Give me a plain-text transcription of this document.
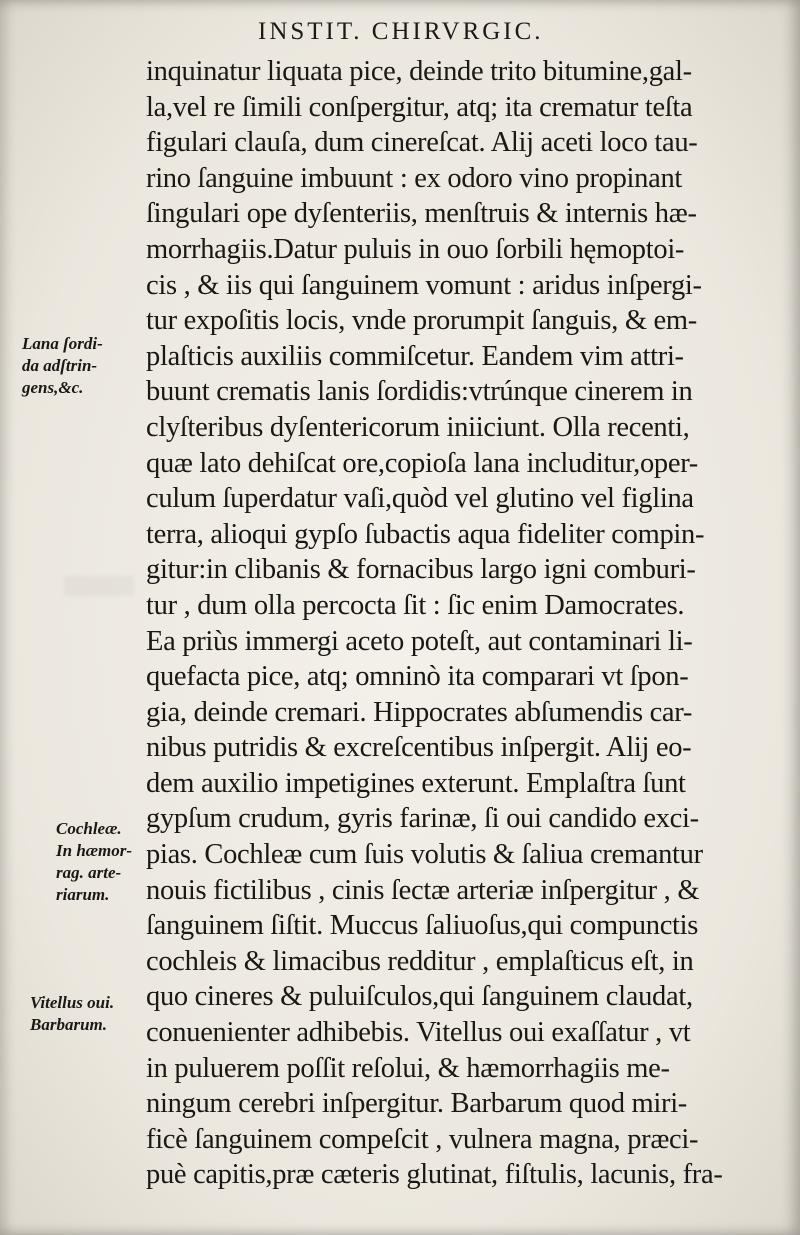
INSTIT. CHIRVRGIC.
Lana ſordi-
da adſtrin-
gens,&c.
Cochleæ.
In hæmor-
rag. arte-
riarum.
Vitellus oui.
Barbarum.
inquinatur liquata pice, deinde trito bitumine,gal-
la,vel re ſimili conſpergitur, atq; ita crematur teſta
figulari clauſa, dum cinereſcat. Alij aceti loco tau-
rino ſanguine imbuunt : ex odoro vino propinant
ſingulari ope dyſenteriis, menſtruis & internis hæ-
morrhagiis.Datur puluis in ouo ſorbili hęmoptoi-
cis , & iis qui ſanguinem vomunt : aridus inſpergi-
tur expoſitis locis, vnde prorumpit ſanguis, & em-
plaſticis auxiliis commiſcetur. Eandem vim attri-
buunt crematis lanis ſordidis:vtrúnque cinerem in
clyſteribus dyſentericorum iniiciunt. Olla recenti,
quæ lato dehiſcat ore,copioſa lana includitur,oper-
culum ſuperdatur vaſi,quòd vel glutino vel figlina
terra, alioqui gypſo ſubactis aqua fideliter compin-
gitur:in clibanis & fornacibus largo igni comburi-
tur , dum olla percocta ſit : ſic enim Damocrates.
Ea priùs immergi aceto poteſt, aut contaminari li-
quefacta pice, atq; omninò ita comparari vt ſpon-
gia, deinde cremari. Hippocrates abſumendis car-
nibus putridis & excreſcentibus inſpergit. Alij eo-
dem auxilio impetigines exterunt. Emplaſtra ſunt
gypſum crudum, gyris farinæ, ſi oui candido exci-
pias. Cochleæ cum ſuis volutis & ſaliua cremantur
nouis fictilibus , cinis ſectæ arteriæ inſpergitur , &
ſanguinem ſiſtit. Muccus ſaliuoſus,qui compunctis
cochleis & limacibus redditur , emplaſticus eſt, in
quo cineres & puluiſculos,qui ſanguinem claudat,
conuenienter adhibebis. Vitellus oui exaſſatur , vt
in puluerem poſſit reſolui, & hæmorrhagiis me-
ningum cerebri inſpergitur. Barbarum quod miri-
ficè ſanguinem compeſcit , vulnera magna, præci-
puè capitis,præ cæteris glutinat, fiſtulis, lacunis, fra-
